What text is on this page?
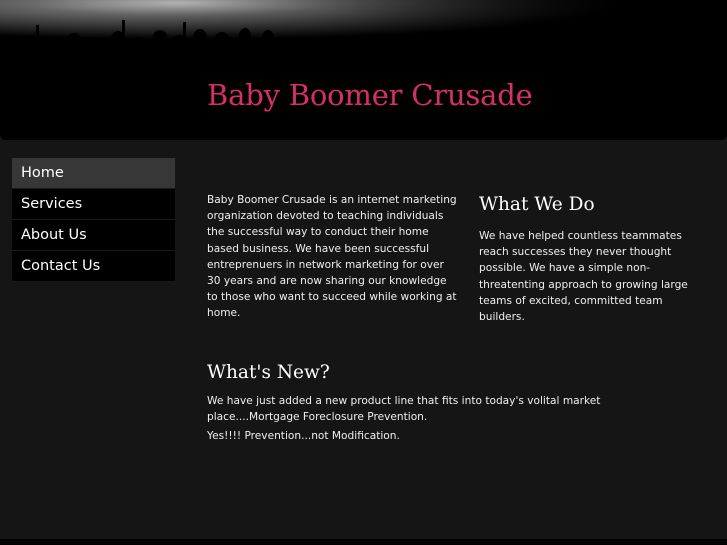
Baby Boomer Crusade
Home
Services
About Us
Contact Us

Baby Boomer Crusade is an internet marketing organization devoted to teaching individuals the successful way to conduct their home based business. We have been successful entreprenuers in network marketing for over 30 years and are now sharing our knowledge to those who want to succeed while working at home.

What We Do

We have helped countless teammates reach successes they never thought possible. We have a simple non-threatenting approach to growing large teams of excited, committed team builders.

What's New?

We have just added a new product line that fits into today's volital market place....Mortgage Foreclosure Prevention.

Yes!!!! Prevention...not Modification.
